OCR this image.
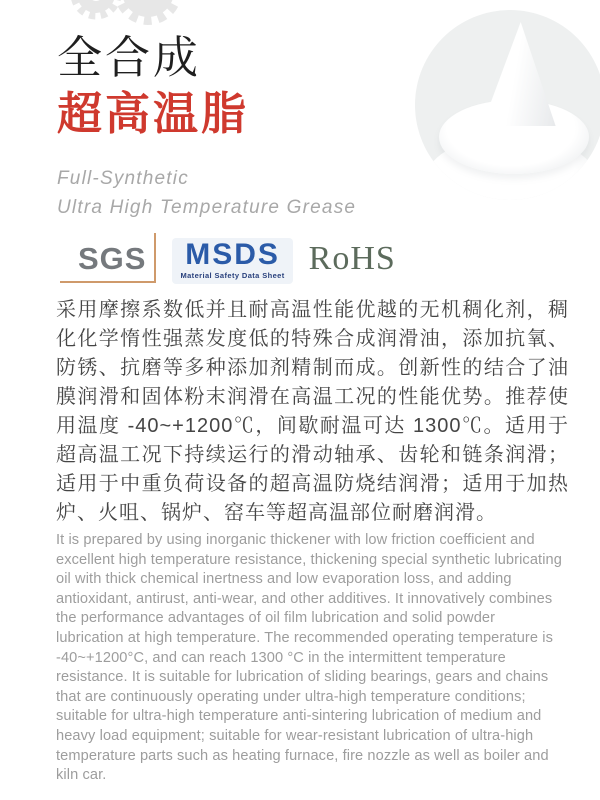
全合成
超高温脂
Full-Synthetic
Ultra High Temperature Grease
SGS	MSDS
Material Safety Data Sheet RoHS

采用摩擦系数低并且耐高温性能优越的无机稠化剂，稠化化学惰性强蒸发度低的特殊合成润滑油，添加抗氧、防锈、抗磨等多种添加剂精制而成。创新性的结合了油膜润滑和固体粉末润滑在高温工况的性能优势。推荐使用温度 -40~+1200℃，间歇耐温可达 1300℃。适用于超高温工况下持续运行的滑动轴承、齿轮和链条润滑；适用于中重负荷设备的超高温防烧结润滑；适用于加热炉、火咀、锅炉、窑车等超高温部位耐磨润滑。

It is prepared by using inorganic thickener with low friction coefficient and excellent high temperature resistance, thickening special synthetic lubricating oil with thick chemical inertness and low evaporation loss, and adding antioxidant, antirust, anti-wear, and other additives. It innovatively combines the performance advantages of oil film lubrication and solid powder lubrication at high temperature. The recommended operating temperature is -40~+1200°C, and can reach 1300 °C in the intermittent temperature resistance. It is suitable for lubrication of sliding bearings, gears and chains that are continuously operating under ultra-high temperature conditions; suitable for ultra-high temperature anti-sintering lubrication of medium and heavy load equipment; suitable for wear-resistant lubrication of ultra-high temperature parts such as heating furnace, fire nozzle as well as boiler and kiln car.
